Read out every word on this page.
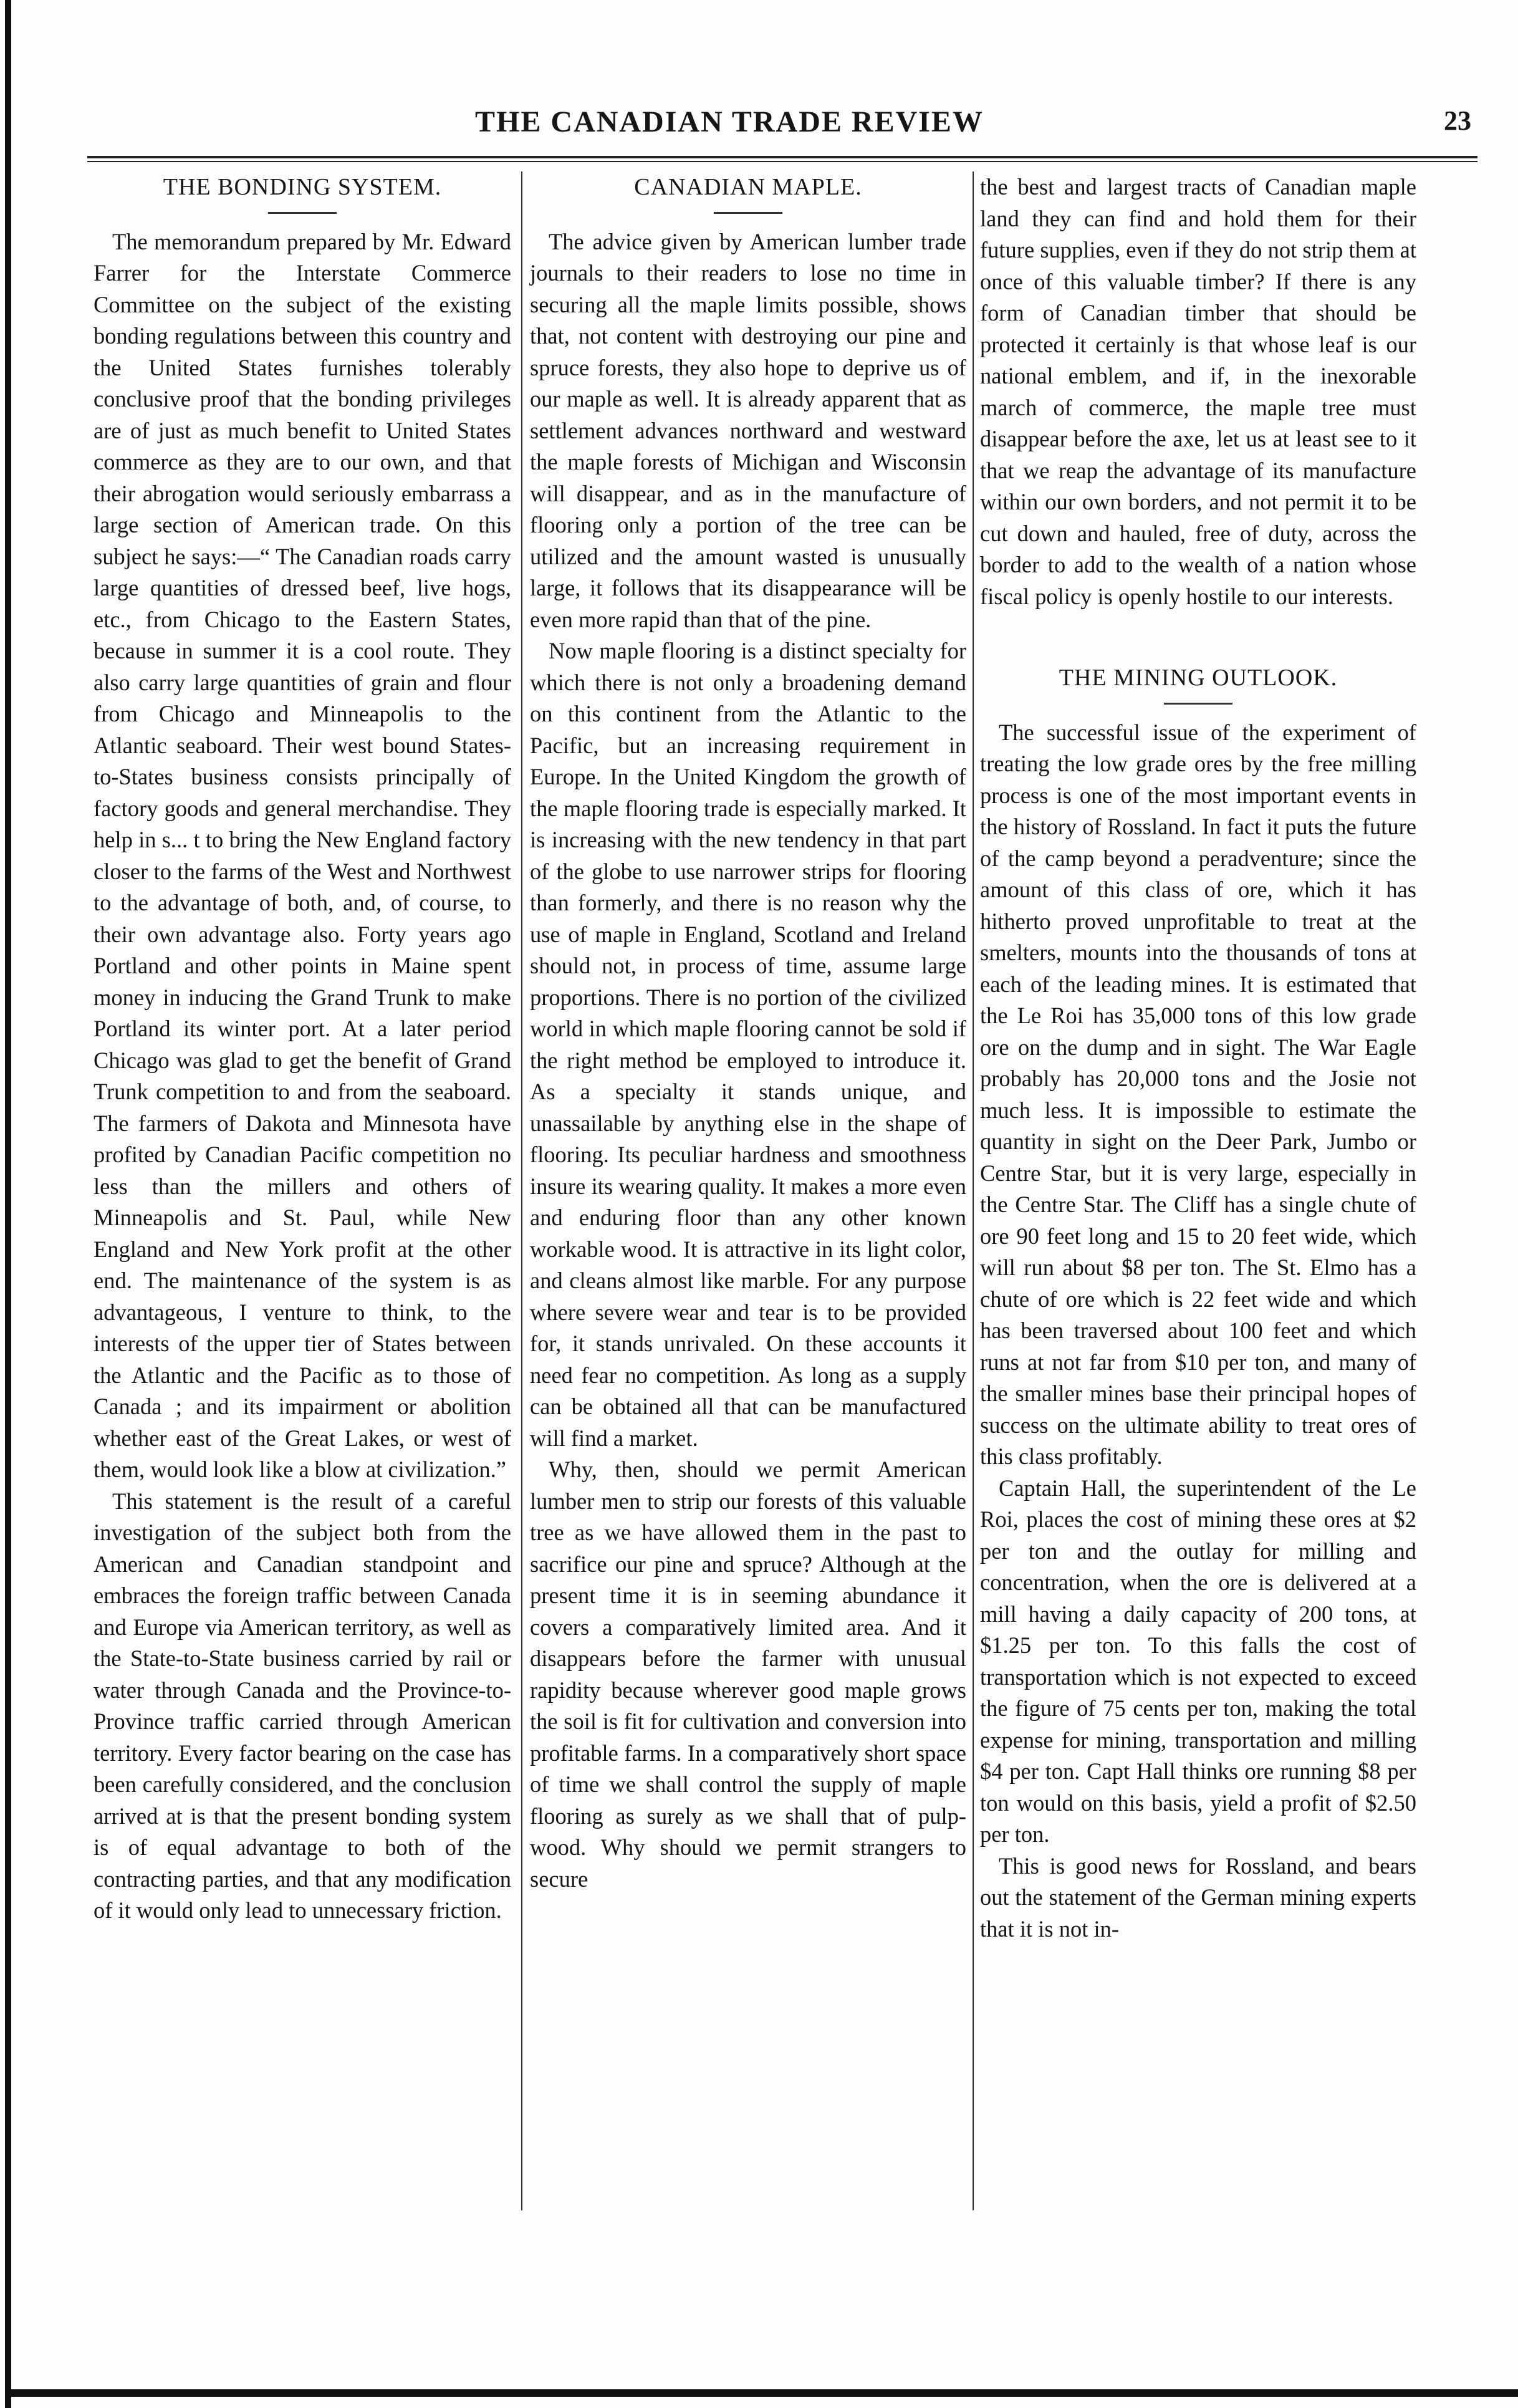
THE CANADIAN TRADE REVIEW	23
THE BONDING SYSTEM.

The memorandum prepared by Mr. Edward Farrer for the Interstate Commerce Committee on the subject of the existing bonding regulations between this country and the United States furnishes tolerably conclusive proof that the bonding privileges are of just as much benefit to United States commerce as they are to our own, and that their abrogation would seriously embarrass a large section of American trade. On this subject he says:—“ The Canadian roads carry large quantities of dressed beef, live hogs, etc., from Chicago to the Eastern States, because in summer it is a cool route. They also carry large quantities of grain and flour from Chicago and Minneapolis to the Atlantic seaboard. Their west bound States-to-States business consists principally of factory goods and general merchandise. They help in s... t to bring the New England factory closer to the farms of the West and Northwest to the advantage of both, and, of course, to their own advantage also. Forty years ago Portland and other points in Maine spent money in inducing the Grand Trunk to make Portland its winter port. At a later period Chicago was glad to get the benefit of Grand Trunk competition to and from the seaboard. The farmers of Dakota and Minnesota have profited by Canadian Pacific competition no less than the millers and others of Minneapolis and St. Paul, while New England and New York profit at the other end. The maintenance of the system is as advantageous, I venture to think, to the interests of the upper tier of States between the Atlantic and the Pacific as to those of Canada ; and its impairment or abolition whether east of the Great Lakes, or west of them, would look like a blow at civilization.”

This statement is the result of a careful investigation of the subject both from the American and Canadian standpoint and embraces the foreign traffic between Canada and Europe via American territory, as well as the State-to-State business carried by rail or water through Canada and the Province-to-Province traffic carried through American territory. Every factor bearing on the case has been carefully considered, and the conclusion arrived at is that the present bonding system is of equal advantage to both of the contracting parties, and that any modification of it would only lead to unnecessary friction.

CANADIAN MAPLE.

The advice given by American lumber trade journals to their readers to lose no time in securing all the maple limits possible, shows that, not content with destroying our pine and spruce forests, they also hope to deprive us of our maple as well. It is already apparent that as settlement advances northward and westward the maple forests of Michigan and Wisconsin will disappear, and as in the manufacture of flooring only a portion of the tree can be utilized and the amount wasted is unusually large, it follows that its disappearance will be even more rapid than that of the pine.

Now maple flooring is a distinct specialty for which there is not only a broadening demand on this continent from the Atlantic to the Pacific, but an increasing requirement in Europe. In the United Kingdom the growth of the maple flooring trade is especially marked. It is increasing with the new tendency in that part of the globe to use narrower strips for flooring than formerly, and there is no reason why the use of maple in England, Scotland and Ireland should not, in process of time, assume large proportions. There is no portion of the civilized world in which maple flooring cannot be sold if the right method be employed to introduce it. As a specialty it stands unique, and unassailable by anything else in the shape of flooring. Its peculiar hardness and smoothness insure its wearing quality. It makes a more even and enduring floor than any other known workable wood. It is attractive in its light color, and cleans almost like marble. For any purpose where severe wear and tear is to be provided for, it stands unrivaled. On these accounts it need fear no competition. As long as a supply can be obtained all that can be manufactured will find a market.

Why, then, should we permit American lumber men to strip our forests of this valuable tree as we have allowed them in the past to sacrifice our pine and spruce? Although at the present time it is in seeming abundance it covers a comparatively limited area. And it disappears before the farmer with unusual rapidity because wherever good maple grows the soil is fit for cultivation and conversion into profitable farms. In a comparatively short space of time we shall control the supply of maple flooring as surely as we shall that of pulp-wood. Why should we permit strangers to secure

the best and largest tracts of Canadian maple land they can find and hold them for their future supplies, even if they do not strip them at once of this valuable timber? If there is any form of Canadian timber that should be protected it certainly is that whose leaf is our national emblem, and if, in the inexorable march of commerce, the maple tree must disappear before the axe, let us at least see to it that we reap the advantage of its manufacture within our own borders, and not permit it to be cut down and hauled, free of duty, across the border to add to the wealth of a nation whose fiscal policy is openly hostile to our interests.

THE MINING OUTLOOK.

The successful issue of the experiment of treating the low grade ores by the free milling process is one of the most important events in the history of Rossland. In fact it puts the future of the camp beyond a peradventure; since the amount of this class of ore, which it has hitherto proved unprofitable to treat at the smelters, mounts into the thousands of tons at each of the leading mines. It is estimated that the Le Roi has 35,000 tons of this low grade ore on the dump and in sight. The War Eagle probably has 20,000 tons and the Josie not much less. It is impossible to estimate the quantity in sight on the Deer Park, Jumbo or Centre Star, but it is very large, especially in the Centre Star. The Cliff has a single chute of ore 90 feet long and 15 to 20 feet wide, which will run about $8 per ton. The St. Elmo has a chute of ore which is 22 feet wide and which has been traversed about 100 feet and which runs at not far from $10 per ton, and many of the smaller mines base their principal hopes of success on the ultimate ability to treat ores of this class profitably.

Captain Hall, the superintendent of the Le Roi, places the cost of mining these ores at $2 per ton and the outlay for milling and concentration, when the ore is delivered at a mill having a daily capacity of 200 tons, at $1.25 per ton. To this falls the cost of transportation which is not expected to exceed the figure of 75 cents per ton, making the total expense for mining, transportation and milling $4 per ton. Capt Hall thinks ore running $8 per ton would on this basis, yield a profit of $2.50 per ton.

This is good news for Rossland, and bears out the statement of the German mining experts that it is not in-
